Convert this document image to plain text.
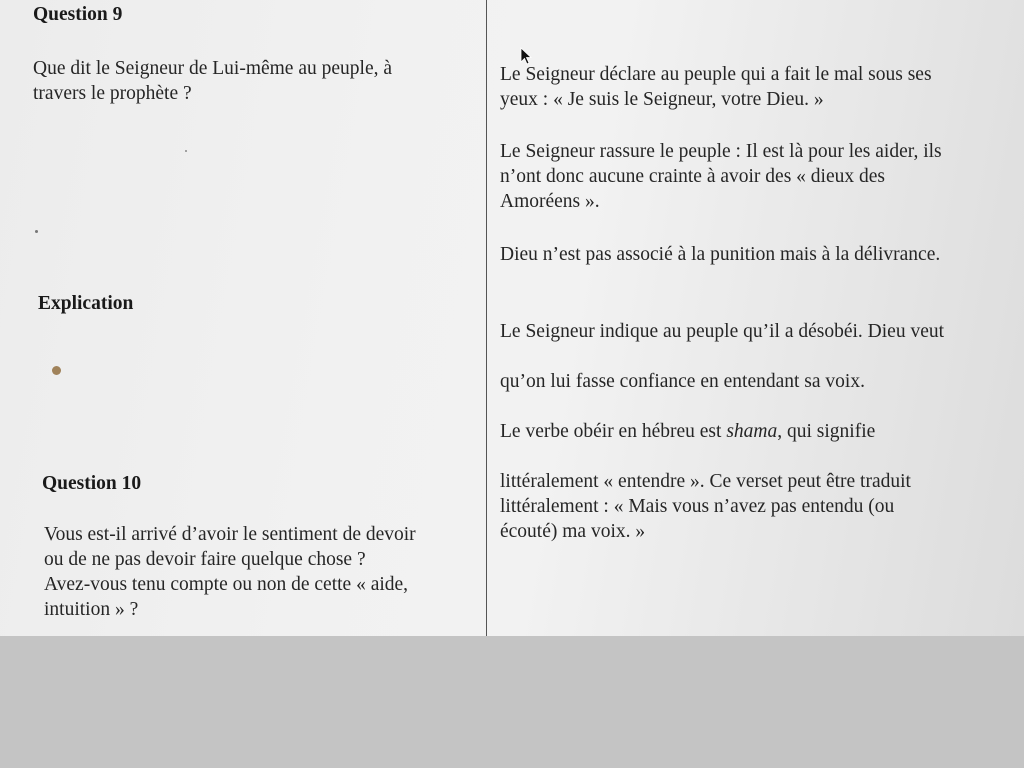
Question 9

Que dit le Seigneur de Lui-même au peuple, à
travers le prophète ?

Explication

Question 10

Vous est-il arrivé d’avoir le sentiment de devoir
ou de ne pas devoir faire quelque chose ?
Avez-vous tenu compte ou non de cette « aide,
intuition » ?

Le Seigneur déclare au peuple qui a fait le mal sous ses
yeux : « Je suis le Seigneur, votre Dieu. »

Le Seigneur rassure le peuple : Il est là pour les aider, ils
n’ont donc aucune crainte à avoir des « dieux des
Amoréens ».

Dieu n’est pas associé à la punition mais à la délivrance.

Le Seigneur indique au peuple qu’il a désobéi. Dieu veut

qu’on lui fasse confiance en entendant sa voix.

Le verbe obéir en hébreu est shama, qui signifie

littéralement « entendre ». Ce verset peut être traduit
littéralement : « Mais vous n’avez pas entendu (ou
écouté) ma voix. »
